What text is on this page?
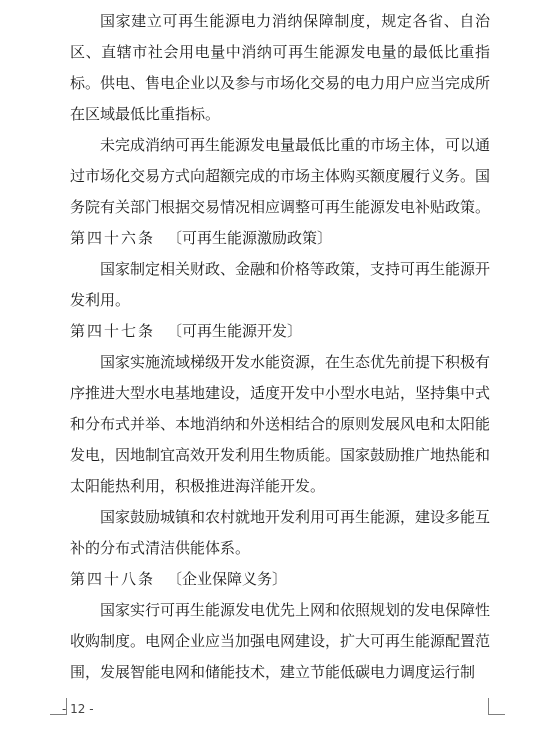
国家建立可再生能源电力消纳保障制度，规定各省、自治区、直辖市社会用电量中消纳可再生能源发电量的最低比重指标。供电、售电企业以及参与市场化交易的电力用户应当完成所在区域最低比重指标。

未完成消纳可再生能源发电量最低比重的市场主体，可以通过市场化交易方式向超额完成的市场主体购买额度履行义务。国务院有关部门根据交易情况相应调整可再生能源发电补贴政策。

第四十六条 〔可再生能源激励政策〕

国家制定相关财政、金融和价格等政策，支持可再生能源开发利用。

第四十七条 〔可再生能源开发〕

国家实施流域梯级开发水能资源，在生态优先前提下积极有序推进大型水电基地建设，适度开发中小型水电站，坚持集中式和分布式并举、本地消纳和外送相结合的原则发展风电和太阳能发电，因地制宜高效开发利用生物质能。国家鼓励推广地热能和太阳能热利用，积极推进海洋能开发。

国家鼓励城镇和农村就地开发利用可再生能源，建设多能互补的分布式清洁供能体系。

第四十八条 〔企业保障义务〕

国家实行可再生能源发电优先上网和依照规划的发电保障性收购制度。电网企业应当加强电网建设，扩大可再生能源配置范围，发展智能电网和储能技术，建立节能低碳电力调度运行制

- 12 -
